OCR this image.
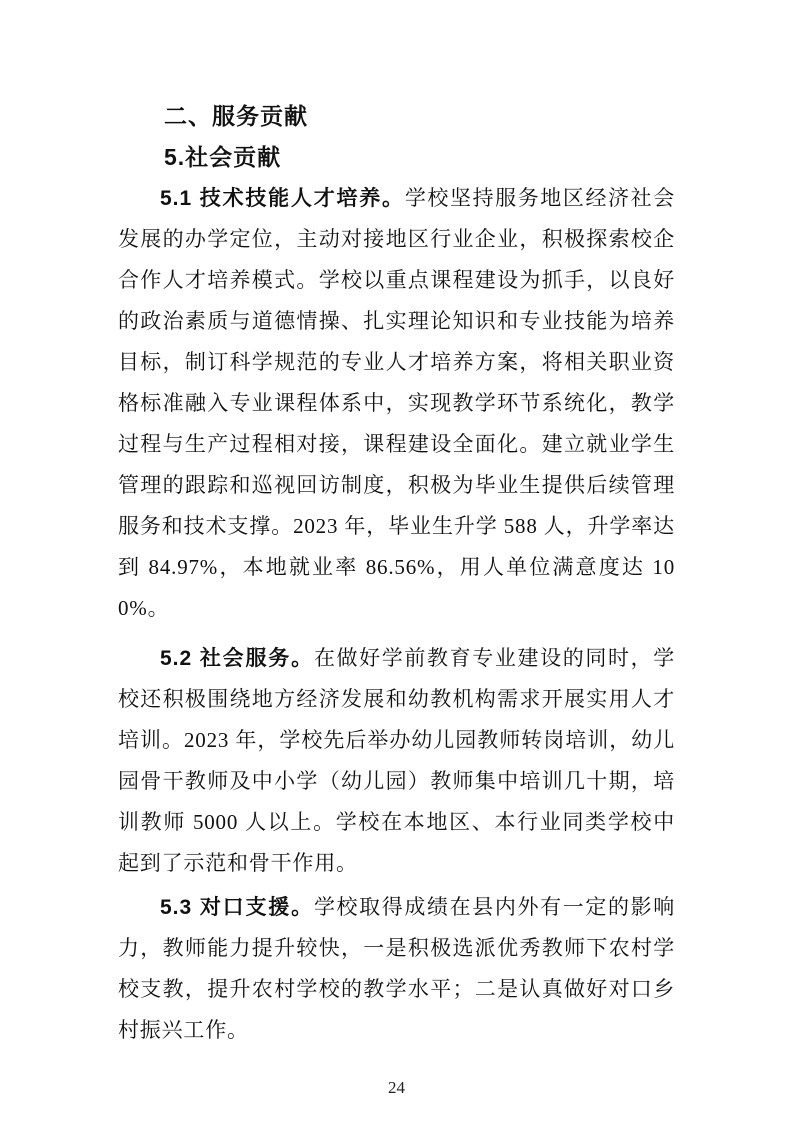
二、服务贡献
5.社会贡献

5.1 技术技能人才培养。学校坚持服务地区经济社会发展的办学定位，主动对接地区行业企业，积极探索校企合作人才培养模式。学校以重点课程建设为抓手，以良好的政治素质与道德情操、扎实理论知识和专业技能为培养目标，制订科学规范的专业人才培养方案，将相关职业资格标准融入专业课程体系中，实现教学环节系统化，教学过程与生产过程相对接，课程建设全面化。建立就业学生管理的跟踪和巡视回访制度，积极为毕业生提供后续管理服务和技术支撑。2023 年，毕业生升学 588 人，升学率达到 84.97%，本地就业率 86.56%，用人单位满意度达 100%。

5.2 社会服务。在做好学前教育专业建设的同时，学校还积极围绕地方经济发展和幼教机构需求开展实用人才培训。2023 年，学校先后举办幼儿园教师转岗培训，幼儿园骨干教师及中小学（幼儿园）教师集中培训几十期，培训教师 5000 人以上。学校在本地区、本行业同类学校中起到了示范和骨干作用。

5.3 对口支援。学校取得成绩在县内外有一定的影响力，教师能力提升较快，一是积极选派优秀教师下农村学校支教，提升农村学校的教学水平；二是认真做好对口乡村振兴工作。

24
